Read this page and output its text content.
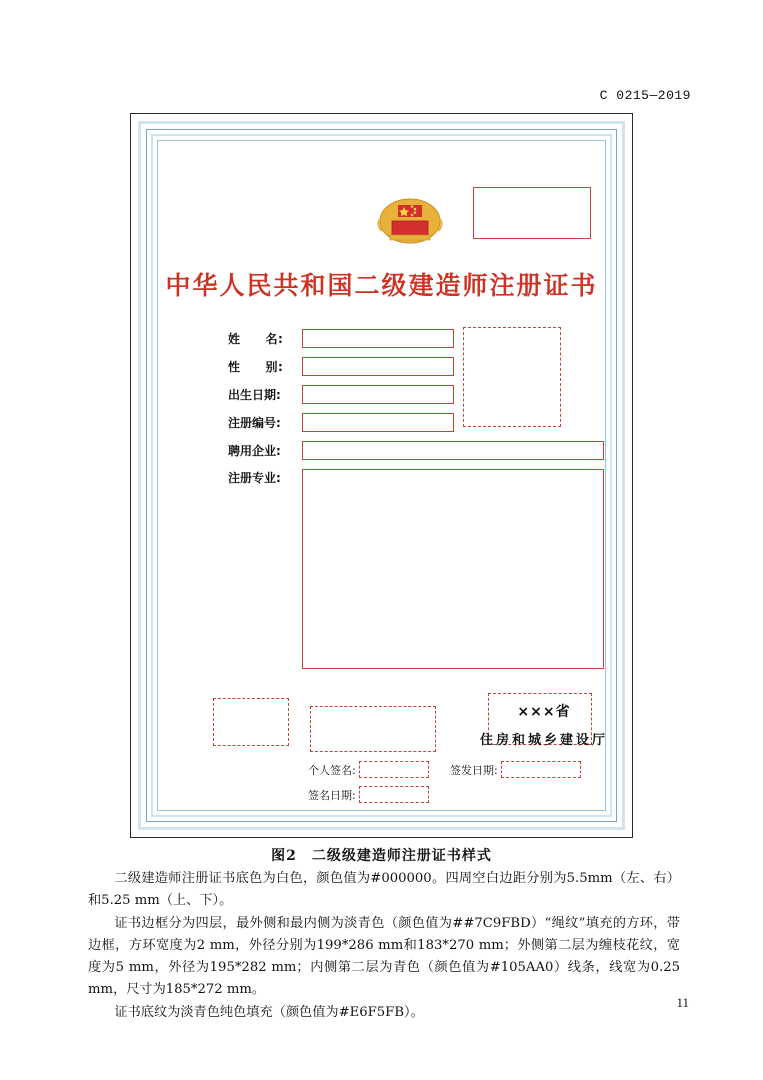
C 0215—2019
中华人民共和国二级建造师注册证书
姓　　名:
性　　别:
出生日期:
注册编号:
聘用企业:
注册专业:
×××省
住房和城乡建设厅
个人签名:	签发日期:
签名日期:
图2　二级级建造师注册证书样式

二级建造师注册证书底色为白色，颜色值为#000000。四周空白边距分别为5.5mm（左、右）和5.25 mm（上、下）。

证书边框分为四层，最外侧和最内侧为淡青色（颜色值为##7C9FBD）“绳纹”填充的方环，带边框，方环宽度为2 mm，外径分别为199*286 mm和183*270 mm；外侧第二层为缠枝花纹，宽度为5 mm，外径为195*282 mm；内侧第二层为青色（颜色值为#105AA0）线条，线宽为0.25 mm，尺寸为185*272 mm。

证书底纹为淡青色纯色填充（颜色值为#E6F5FB）。

11
